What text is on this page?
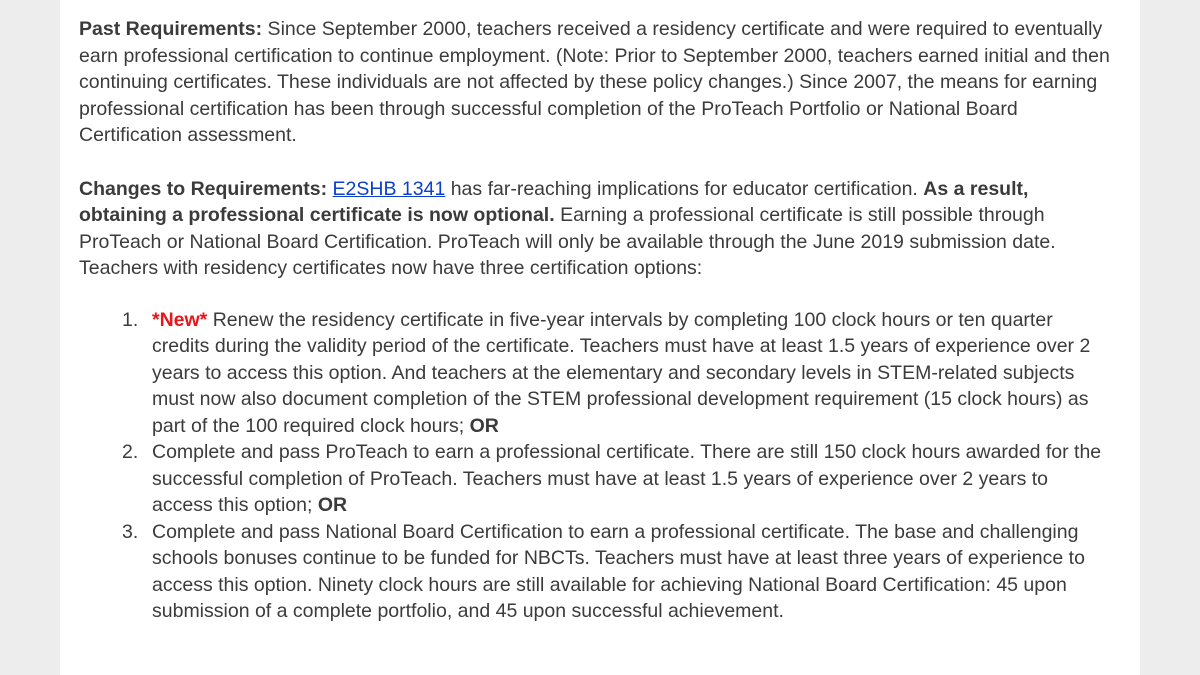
Past Requirements: Since September 2000, teachers received a residency certificate and were required to eventually earn professional certification to continue employment. (Note: Prior to September 2000, teachers earned initial and then continuing certificates. These individuals are not affected by these policy changes.) Since 2007, the means for earning professional certification has been through successful completion of the ProTeach Portfolio or National Board Certification assessment.

Changes to Requirements: E2SHB 1341 has far-reaching implications for educator certification. As a result, obtaining a professional certificate is now optional. Earning a professional certificate is still possible through ProTeach or National Board Certification. ProTeach will only be available through the June 2019 submission date. Teachers with residency certificates now have three certification options:

1. *New* Renew the residency certificate in five-year intervals by completing 100 clock hours or ten quarter credits during the validity period of the certificate. Teachers must have at least 1.5 years of experience over 2 years to access this option. And teachers at the elementary and secondary levels in STEM-related subjects must now also document completion of the STEM professional development requirement (15 clock hours) as part of the 100 required clock hours; OR
2. Complete and pass ProTeach to earn a professional certificate. There are still 150 clock hours awarded for the successful completion of ProTeach. Teachers must have at least 1.5 years of experience over 2 years to access this option; OR
3. Complete and pass National Board Certification to earn a professional certificate. The base and challenging schools bonuses continue to be funded for NBCTs. Teachers must have at least three years of experience to access this option. Ninety clock hours are still available for achieving National Board Certification: 45 upon submission of a complete portfolio, and 45 upon successful achievement.
